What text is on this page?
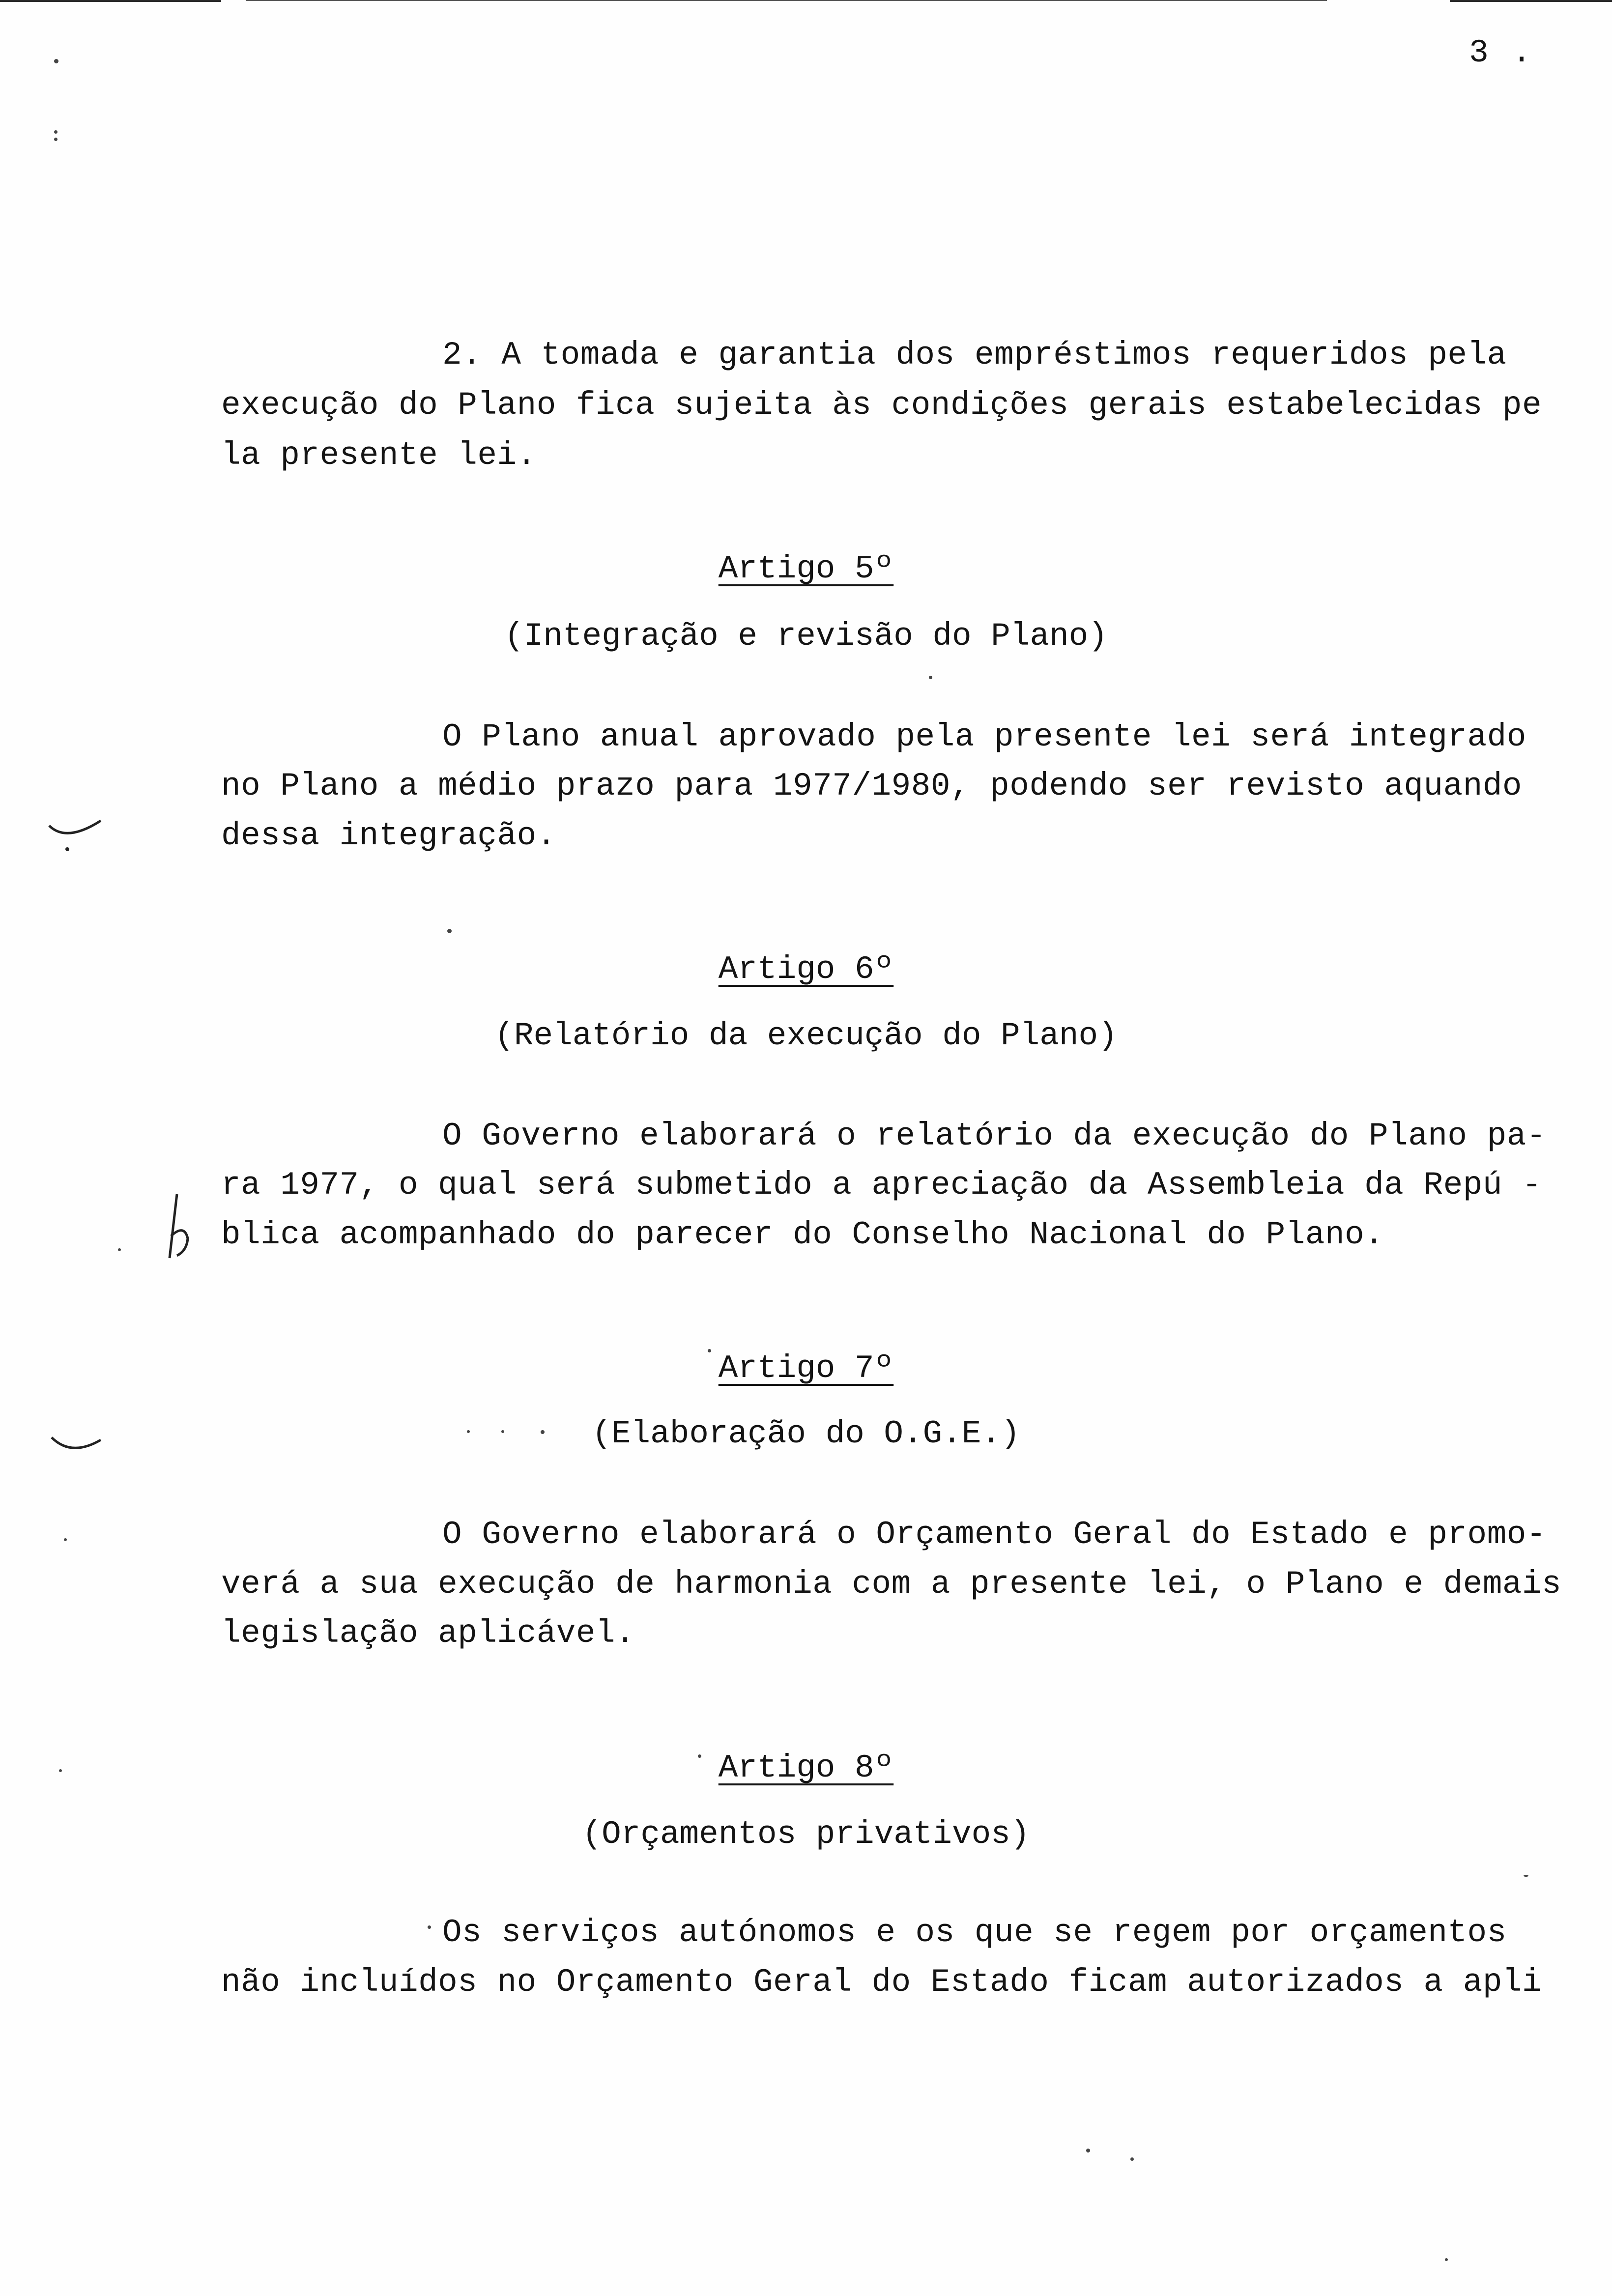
3 .
2. A tomada e garantia dos empréstimos requeridos pela
execução do Plano fica sujeita às condições gerais estabelecidas pe
la presente lei.
Artigo 5º
(Integração e revisão do Plano)
O Plano anual aprovado pela presente lei será integrado
no Plano a médio prazo para 1977/1980, podendo ser revisto aquando
dessa integração.
Artigo 6º
(Relatório da execução do Plano)
O Governo elaborará o relatório da execução do Plano pa-
ra 1977, o qual será submetido a apreciação da Assembleia da Repú -
blica acompanhado do parecer do Conselho Nacional do Plano.
Artigo 7º
(Elaboração do O.G.E.)
O Governo elaborará o Orçamento Geral do Estado e promo-
verá a sua execução de harmonia com a presente lei, o Plano e demais
legislação aplicável.
Artigo 8º
(Orçamentos privativos)
Os serviços autónomos e os que se regem por orçamentos
não incluídos no Orçamento Geral do Estado ficam autorizados a apli
